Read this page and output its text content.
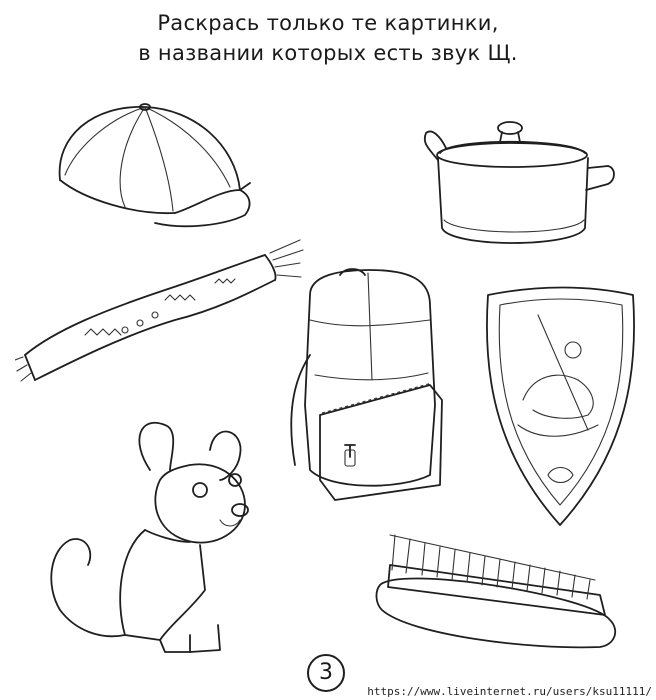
Раскрась только те картинки,
в названии которых есть звук Щ.
3
https://www.liveinternet.ru/users/ksu11111/
